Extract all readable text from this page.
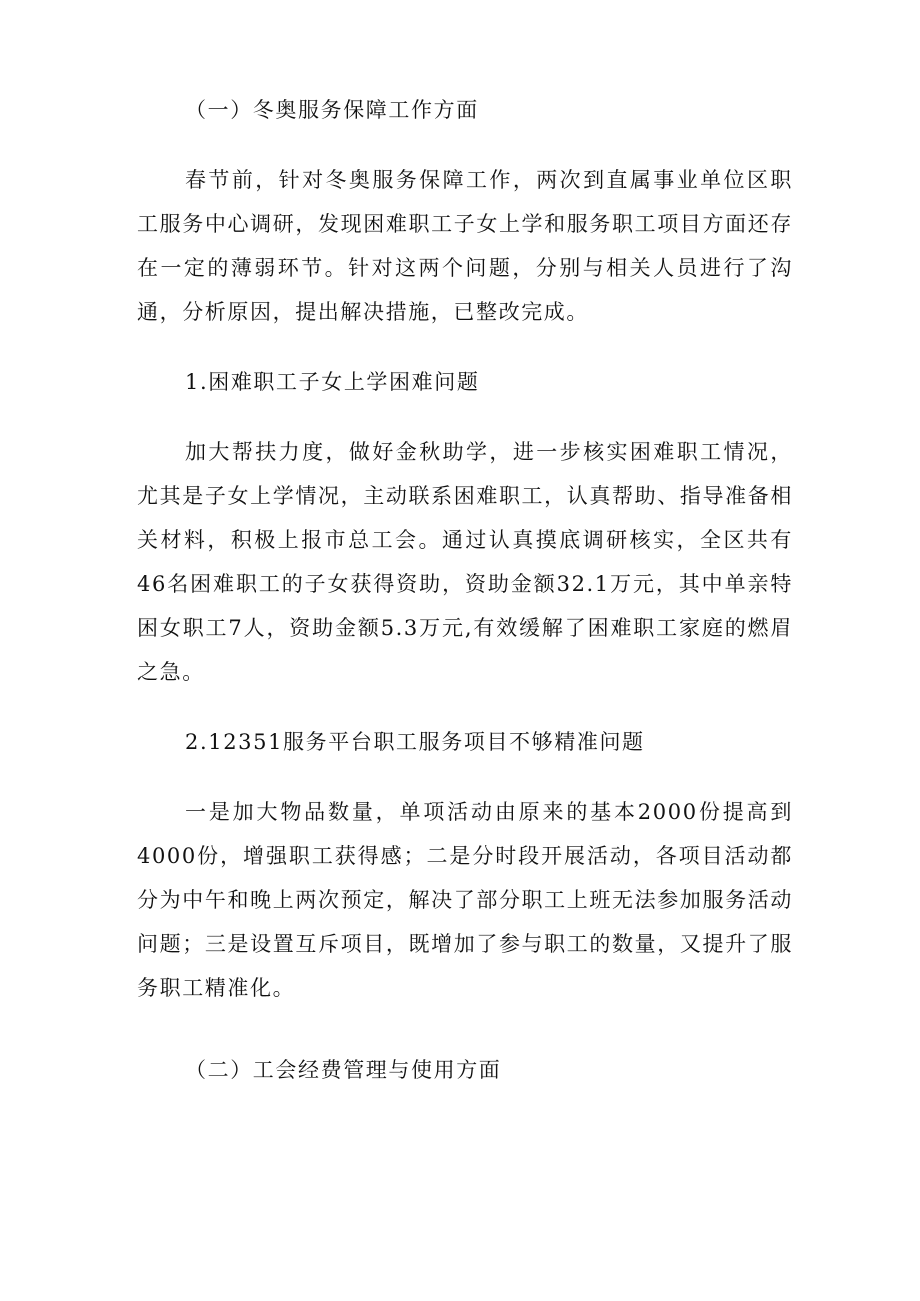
（一）冬奥服务保障工作方面

春节前，针对冬奥服务保障工作，两次到直属事业单位区职工服务中心调研，发现困难职工子女上学和服务职工项目方面还存在一定的薄弱环节。针对这两个问题，分别与相关人员进行了沟通，分析原因，提出解决措施，已整改完成。

1.困难职工子女上学困难问题

加大帮扶力度，做好金秋助学，进一步核实困难职工情况，尤其是子女上学情况，主动联系困难职工，认真帮助、指导准备相关材料，积极上报市总工会。通过认真摸底调研核实，全区共有46名困难职工的子女获得资助，资助金额32.1万元，其中单亲特困女职工7人，资助金额5.3万元,有效缓解了困难职工家庭的燃眉之急。

2.12351服务平台职工服务项目不够精准问题

一是加大物品数量，单项活动由原来的基本2000份提高到4000份，增强职工获得感；二是分时段开展活动，各项目活动都分为中午和晚上两次预定，解决了部分职工上班无法参加服务活动问题；三是设置互斥项目，既增加了参与职工的数量，又提升了服务职工精准化。

（二）工会经费管理与使用方面
